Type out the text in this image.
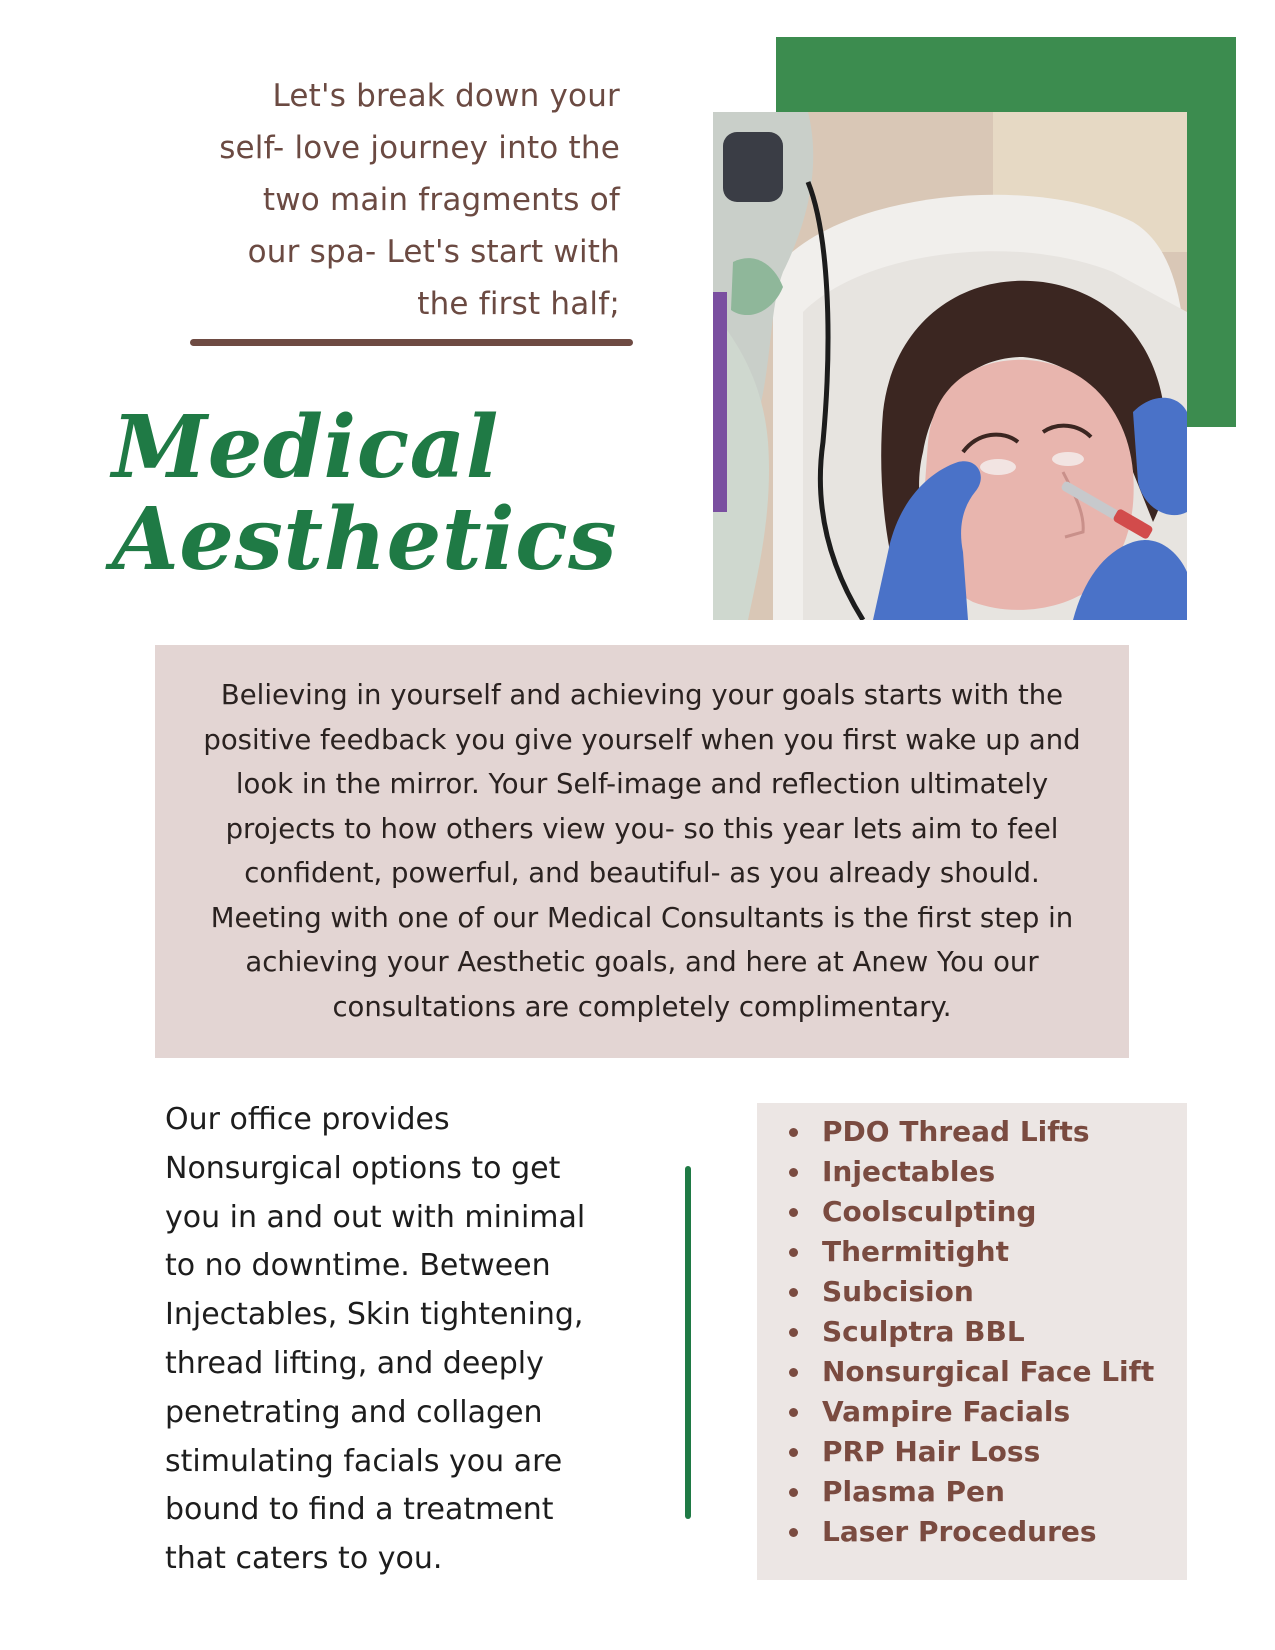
Let's break down your
self- love journey into the
two main fragments of
our spa- Let's start with
the first half;
Medical
Aesthetics
Believing in yourself and achieving your goals starts with the
positive feedback you give yourself when you first wake up and
look in the mirror. Your Self-image and reflection ultimately
projects to how others view you- so this year lets aim to feel
confident, powerful, and beautiful- as you already should.
Meeting with one of our Medical Consultants is the first step in
achieving your Aesthetic goals, and here at Anew You our
consultations are completely complimentary.
Our office provides
Nonsurgical options to get
you in and out with minimal
to no downtime. Between
Injectables, Skin tightening,
thread lifting, and deeply
penetrating and collagen
stimulating facials you are
bound to find a treatment
that caters to you.
PDO Thread Lifts
Injectables
Coolsculpting
Thermitight
Subcision
Sculptra BBL
Nonsurgical Face Lift
Vampire Facials
PRP Hair Loss
Plasma Pen
Laser Procedures
